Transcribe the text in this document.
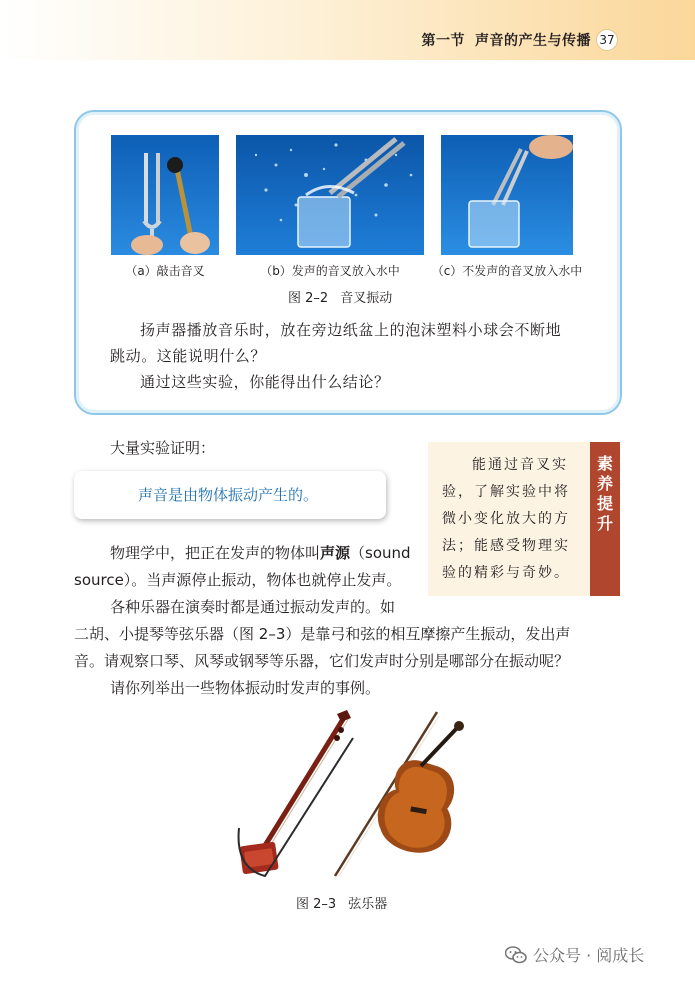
第一节 声音的产生与传播 37
（a）敲击音叉	（b）发声的音叉放入水中	（c）不发声的音叉放入水中
图 2–2 音叉振动
扬声器播放音乐时，放在旁边纸盆上的泡沫塑料小球会不断地
跳动。这能说明什么？
通过这些实验，你能得出什么结论？
大量实验证明：
声音是由物体振动产生的。
能通过音叉实
验，了解实验中将
微小变化放大的方
法；能感受物理实
验的精彩与奇妙。
素
养
提
升
物理学中，把正在发声的物体叫声源（sound
source）。当声源停止振动，物体也就停止发声。
各种乐器在演奏时都是通过振动发声的。如
二胡、小提琴等弦乐器（图 2–3）是靠弓和弦的相互摩擦产生振动，发出声
音。请观察口琴、风琴或钢琴等乐器，它们发声时分别是哪部分在振动呢？
请你列举出一些物体振动时发声的事例。
图 2–3 弦乐器
公众号 · 阅成长
